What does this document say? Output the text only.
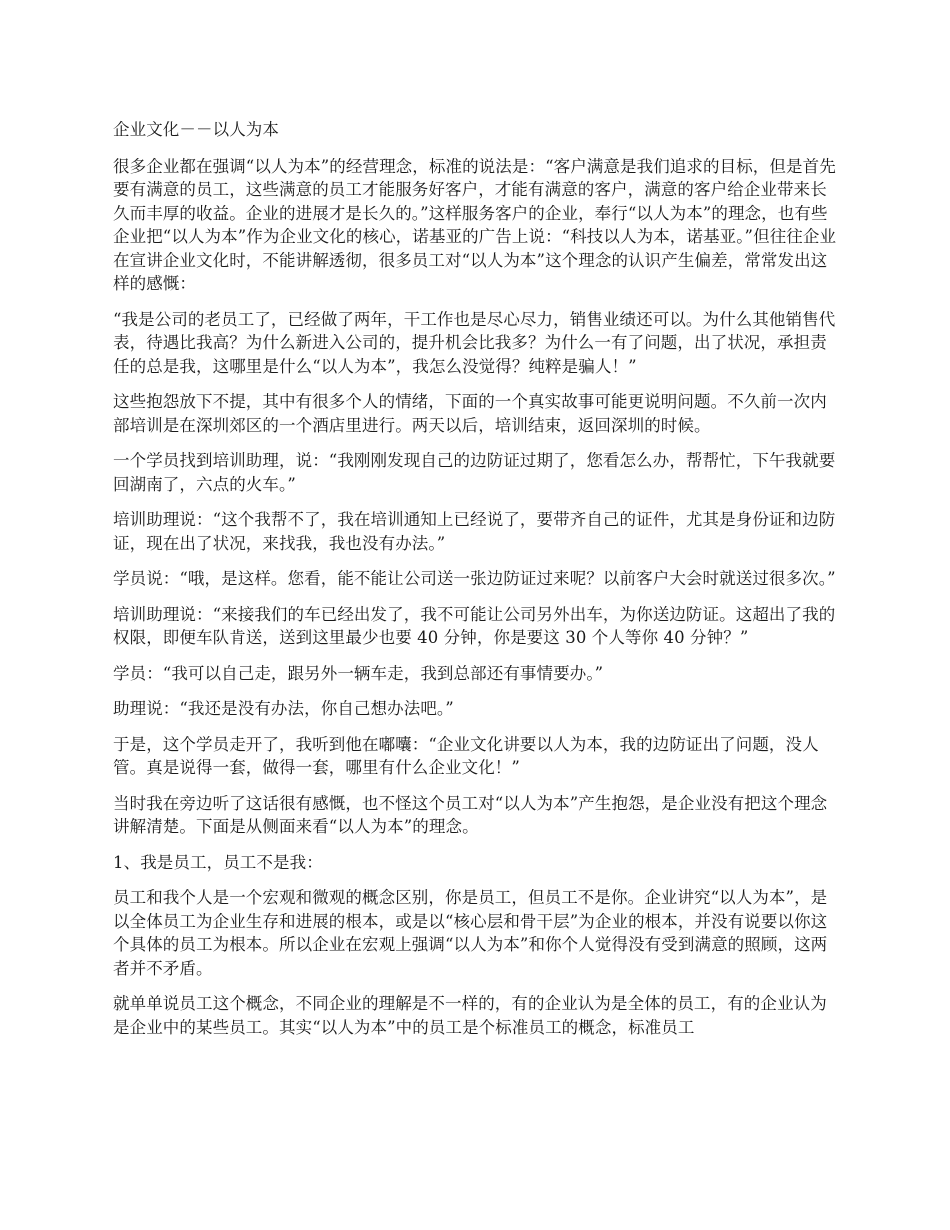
企业文化－－以人为本

很多企业都在强调“以人为本”的经营理念，标准的说法是：“客户满意是我们追求的目标，但是首先要有满意的员工，这些满意的员工才能服务好客户，才能有满意的客户，满意的客户给企业带来长久而丰厚的收益。企业的进展才是长久的。”这样服务客户的企业，奉行“以人为本”的理念，也有些企业把“以人为本”作为企业文化的核心，诺基亚的广告上说：“科技以人为本，诺基亚。”但往往企业在宣讲企业文化时，不能讲解透彻，很多员工对“以人为本”这个理念的认识产生偏差，常常发出这样的感慨：

“我是公司的老员工了，已经做了两年，干工作也是尽心尽力，销售业绩还可以。为什么其他销售代表，待遇比我高？为什么新进入公司的，提升机会比我多？为什么一有了问题，出了状况，承担责任的总是我，这哪里是什么“以人为本”，我怎么没觉得？纯粹是骗人！”

这些抱怨放下不提，其中有很多个人的情绪，下面的一个真实故事可能更说明问题。不久前一次内部培训是在深圳郊区的一个酒店里进行。两天以后，培训结束，返回深圳的时候。

一个学员找到培训助理，说：“我刚刚发现自己的边防证过期了，您看怎么办，帮帮忙，下午我就要回湖南了，六点的火车。”

培训助理说：“这个我帮不了，我在培训通知上已经说了，要带齐自己的证件，尤其是身份证和边防证，现在出了状况，来找我，我也没有办法。”

学员说：“哦，是这样。您看，能不能让公司送一张边防证过来呢？以前客户大会时就送过很多次。”

培训助理说：“来接我们的车已经出发了，我不可能让公司另外出车，为你送边防证。这超出了我的权限，即便车队肯送，送到这里最少也要 40 分钟，你是要这 30 个人等你 40 分钟？”

学员：“我可以自己走，跟另外一辆车走，我到总部还有事情要办。”

助理说：“我还是没有办法，你自己想办法吧。”

于是，这个学员走开了，我听到他在嘟囔：“企业文化讲要以人为本，我的边防证出了问题，没人管。真是说得一套，做得一套，哪里有什么企业文化！”

当时我在旁边听了这话很有感慨，也不怪这个员工对“以人为本”产生抱怨，是企业没有把这个理念讲解清楚。下面是从侧面来看“以人为本”的理念。

1、我是员工，员工不是我：

员工和我个人是一个宏观和微观的概念区别，你是员工，但员工不是你。企业讲究“以人为本”，是以全体员工为企业生存和进展的根本，或是以“核心层和骨干层”为企业的根本，并没有说要以你这个具体的员工为根本。所以企业在宏观上强调“以人为本”和你个人觉得没有受到满意的照顾，这两者并不矛盾。

就单单说员工这个概念，不同企业的理解是不一样的，有的企业认为是全体的员工，有的企业认为是企业中的某些员工。其实“以人为本”中的员工是个标准员工的概念，标准员工
